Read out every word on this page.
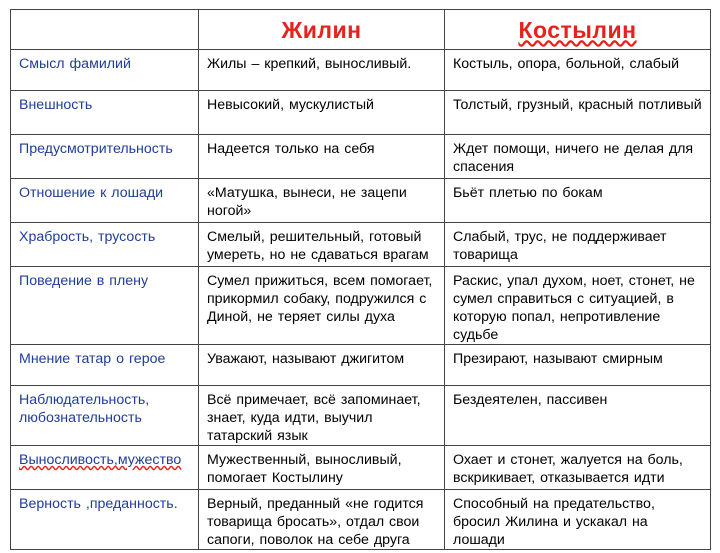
	Жилин	Костылин
Смысл фамилий	Жилы – крепкий, выносливый.	Костыль, опора, больной, слабый
Внешность	Невысокий, мускулистый	Толстый, грузный, красный потливый
Предусмотрительность	Надеется только на себя	Ждет помощи, ничего не делая для спасения
Отношение к лошади	«Матушка, вынеси, не зацепи ногой»	Бьёт плетью по бокам
Храбрость, трусость	Смелый, решительный, готовый умереть, но не сдаваться врагам	Слабый, трус, не поддерживает товарища
Поведение в плену	Сумел прижиться, всем помогает, прикормил собаку, подружился с Диной, не теряет силы духа	Раскис, упал духом, ноет, стонет, не сумел справиться с ситуацией, в которую попал, непротивление судьбе
Мнение татар о герое	Уважают, называют джигитом	Презирают, называют смирным
Наблюдательность, любознательность	Всё примечает, всё запоминает, знает, куда идти, выучил татарский язык	Бездеятелен, пассивен
Выносливость,мужество	Мужественный, выносливый, помогает Костылину	Охает и стонет, жалуется на боль, вскрикивает, отказывается идти
Верность ,преданность.	Верный, преданный «не годится товарища бросать», отдал свои сапоги, поволок на себе друга	Способный на предательство, бросил Жилина и ускакал на лошади
